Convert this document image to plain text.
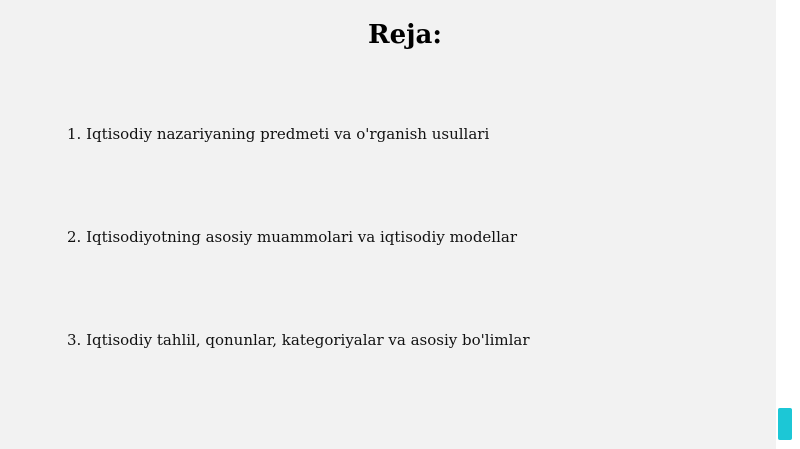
Reja:
1. Iqtisodiy nazariyaning predmeti va o'rganish usullari
2. Iqtisodiyotning asosiy muammolari va iqtisodiy modellar
3. Iqtisodiy tahlil, qonunlar, kategoriyalar va asosiy bo'limlar
